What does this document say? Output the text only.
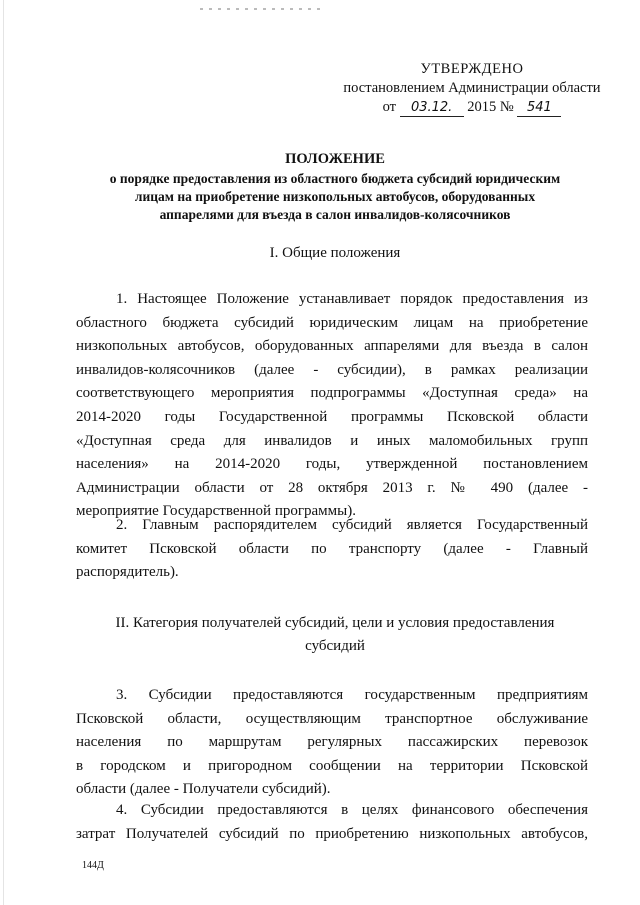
УТВЕРЖДЕНО
постановлением Администрации области
от 03.12. 2015 № 541
ПОЛОЖЕНИЕ
о порядке предоставления из областного бюджета субсидий юридическим
лицам на приобретение низкопольных автобусов, оборудованных
аппарелями для въезда в салон инвалидов-колясочников
I. Общие положения
1. Настоящее Положение устанавливает порядок предоставления из
областного бюджета субсидий юридическим лицам на приобретение
низкопольных автобусов, оборудованных аппарелями для въезда в салон
инвалидов-колясочников (далее - субсидии), в рамках реализации
соответствующего мероприятия подпрограммы «Доступная среда» на
2014-2020 годы Государственной программы Псковской области
«Доступная среда для инвалидов и иных маломобильных групп
населения» на 2014-2020 годы, утвержденной постановлением
Администрации области от 28 октября 2013 г. № 490 (далее -
мероприятие Государственной программы).
2. Главным распорядителем субсидий является Государственный
комитет Псковской области по транспорту (далее - Главный
распорядитель).
II. Категория получателей субсидий, цели и условия предоставления
субсидий
3. Субсидии предоставляются государственным предприятиям
Псковской области, осуществляющим транспортное обслуживание
населения по маршрутам регулярных пассажирских перевозок
в городском и пригородном сообщении на территории Псковской
области (далее - Получатели субсидий).
4. Субсидии предоставляются в целях финансового обеспечения
затрат Получателей субсидий по приобретению низкопольных автобусов,
144Д
